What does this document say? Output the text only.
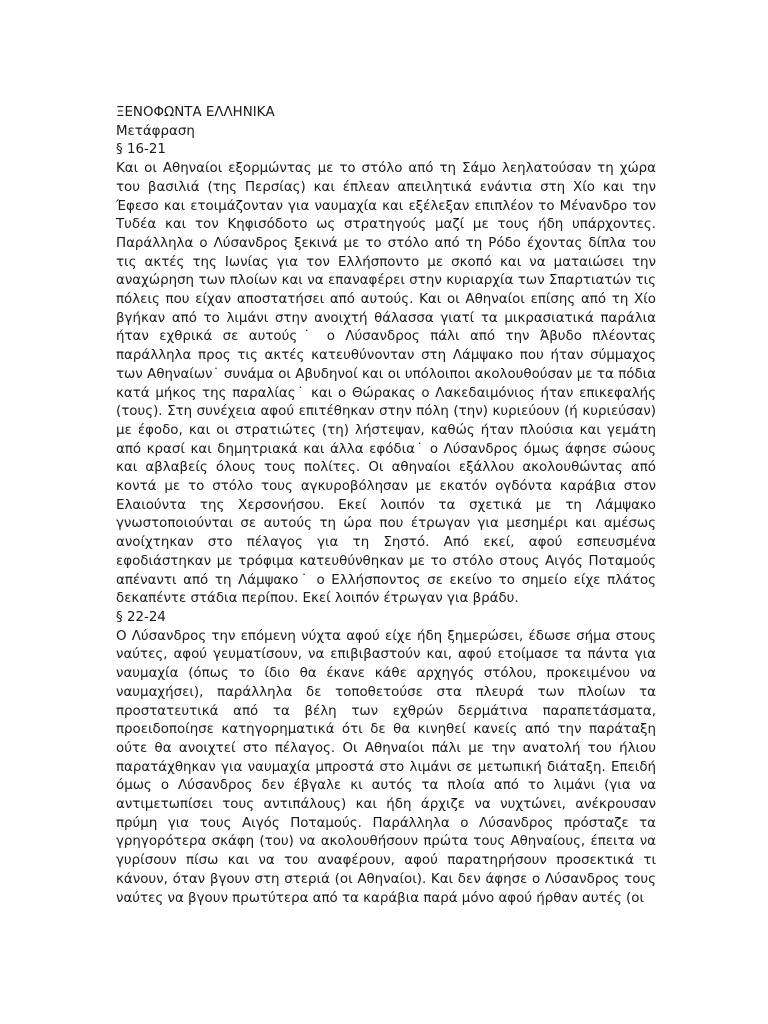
ΞΕΝΟΦΩΝΤΑ ΕΛΛΗΝΙΚΑ

Μετάφραση

§ 16-21

Και οι Αθηναίοι εξορμώντας με το στόλο από τη Σάμο λεηλατούσαν τη χώρα του βασιλιά (της Περσίας) και έπλεαν απειλητικά ενάντια στη Χίο και την Έφεσο και ετοιμάζονταν για ναυμαχία και εξέλεξαν επιπλέον το Μένανδρο τον Τυδέα και τον Κηφισόδοτο ως στρατηγούς μαζί με τους ήδη υπάρχοντες. Παράλληλα ο Λύσανδρος ξεκινά με το στόλο από τη Ρόδο έχοντας δίπλα του τις ακτές της Ιωνίας για τον Ελλήσποντο με σκοπό και να ματαιώσει την αναχώρηση των πλοίων και να επαναφέρει στην κυριαρχία των Σπαρτιατών τις πόλεις που είχαν αποστατήσει από αυτούς. Και οι Αθηναίοι επίσης από τη Χίο βγήκαν από το λιμάνι στην ανοιχτή θάλασσα γιατί τα μικρασιατικά παράλια ήταν εχθρικά σε αυτούς˙ ο Λύσανδρος πάλι από την Άβυδο πλέοντας παράλληλα προς τις ακτές κατευθύνονταν στη Λάμψακο που ήταν σύμμαχος των Αθηναίων˙ συνάμα οι Αβυδηνοί και οι υπόλοιποι ακολουθούσαν με τα πόδια κατά μήκος της παραλίας˙ και ο Θώρακας ο Λακεδαιμόνιος ήταν επικεφαλής (τους). Στη συνέχεια αφού επιτέθηκαν στην πόλη (την) κυριεύουν (ή κυριεύσαν) με έφοδο, και οι στρατιώτες (τη) λήστεψαν, καθώς ήταν πλούσια και γεμάτη από κρασί και δημητριακά και άλλα εφόδια˙ ο Λύσανδρος όμως άφησε σώους και αβλαβείς όλους τους πολίτες. Οι αθηναίοι εξάλλου ακολουθώντας από κοντά με το στόλο τους αγκυροβόλησαν με εκατόν ογδόντα καράβια στον Ελαιούντα της Χερσονήσου. Εκεί λοιπόν τα σχετικά με τη Λάμψακο γνωστοποιούνται σε αυτούς τη ώρα που έτρωγαν για μεσημέρι και αμέσως ανοίχτηκαν στο πέλαγος για τη Σηστό. Από εκεί, αφού εσπευσμένα εφοδιάστηκαν με τρόφιμα κατευθύνθηκαν με το στόλο στους Αιγός Ποταμούς απέναντι από τη Λάμψακο˙ ο Ελλήσποντος σε εκείνο το σημείο είχε πλάτος δεκαπέντε στάδια περίπου. Εκεί λοιπόν έτρωγαν για βράδυ.

§ 22-24

Ο Λύσανδρος την επόμενη νύχτα αφού είχε ήδη ξημερώσει, έδωσε σήμα στους ναύτες, αφού γευματίσουν, να επιβιβαστούν και, αφού ετοίμασε τα πάντα για ναυμαχία (όπως το ίδιο θα έκανε κάθε αρχηγός στόλου, προκειμένου να ναυμαχήσει), παράλληλα δε τοποθετούσε στα πλευρά των πλοίων τα προστατευτικά από τα βέλη των εχθρών δερμάτινα παραπετάσματα, προειδοποίησε κατηγορηματικά ότι δε θα κινηθεί κανείς από την παράταξη ούτε θα ανοιχτεί στο πέλαγος. Οι Αθηναίοι πάλι με την ανατολή του ήλιου παρατάχθηκαν για ναυμαχία μπροστά στο λιμάνι σε μετωπική διάταξη. Επειδή όμως ο Λύσανδρος δεν έβγαλε κι αυτός τα πλοία από το λιμάνι (για να αντιμετωπίσει τους αντιπάλους) και ήδη άρχιζε να νυχτώνει, ανέκρουσαν πρύμη για τους Αιγός Ποταμούς. Παράλληλα ο Λύσανδρος πρόσταζε τα γρηγορότερα σκάφη (του) να ακολουθήσουν πρώτα τους Αθηναίους, έπειτα να γυρίσουν πίσω και να του αναφέρουν, αφού παρατηρήσουν προσεκτικά τι κάνουν, όταν βγουν στη στεριά (οι Αθηναίοι). Και δεν άφησε ο Λύσανδρος τους ναύτες να βγουν πρωτύτερα από τα καράβια παρά μόνο αφού ήρθαν αυτές (οι
